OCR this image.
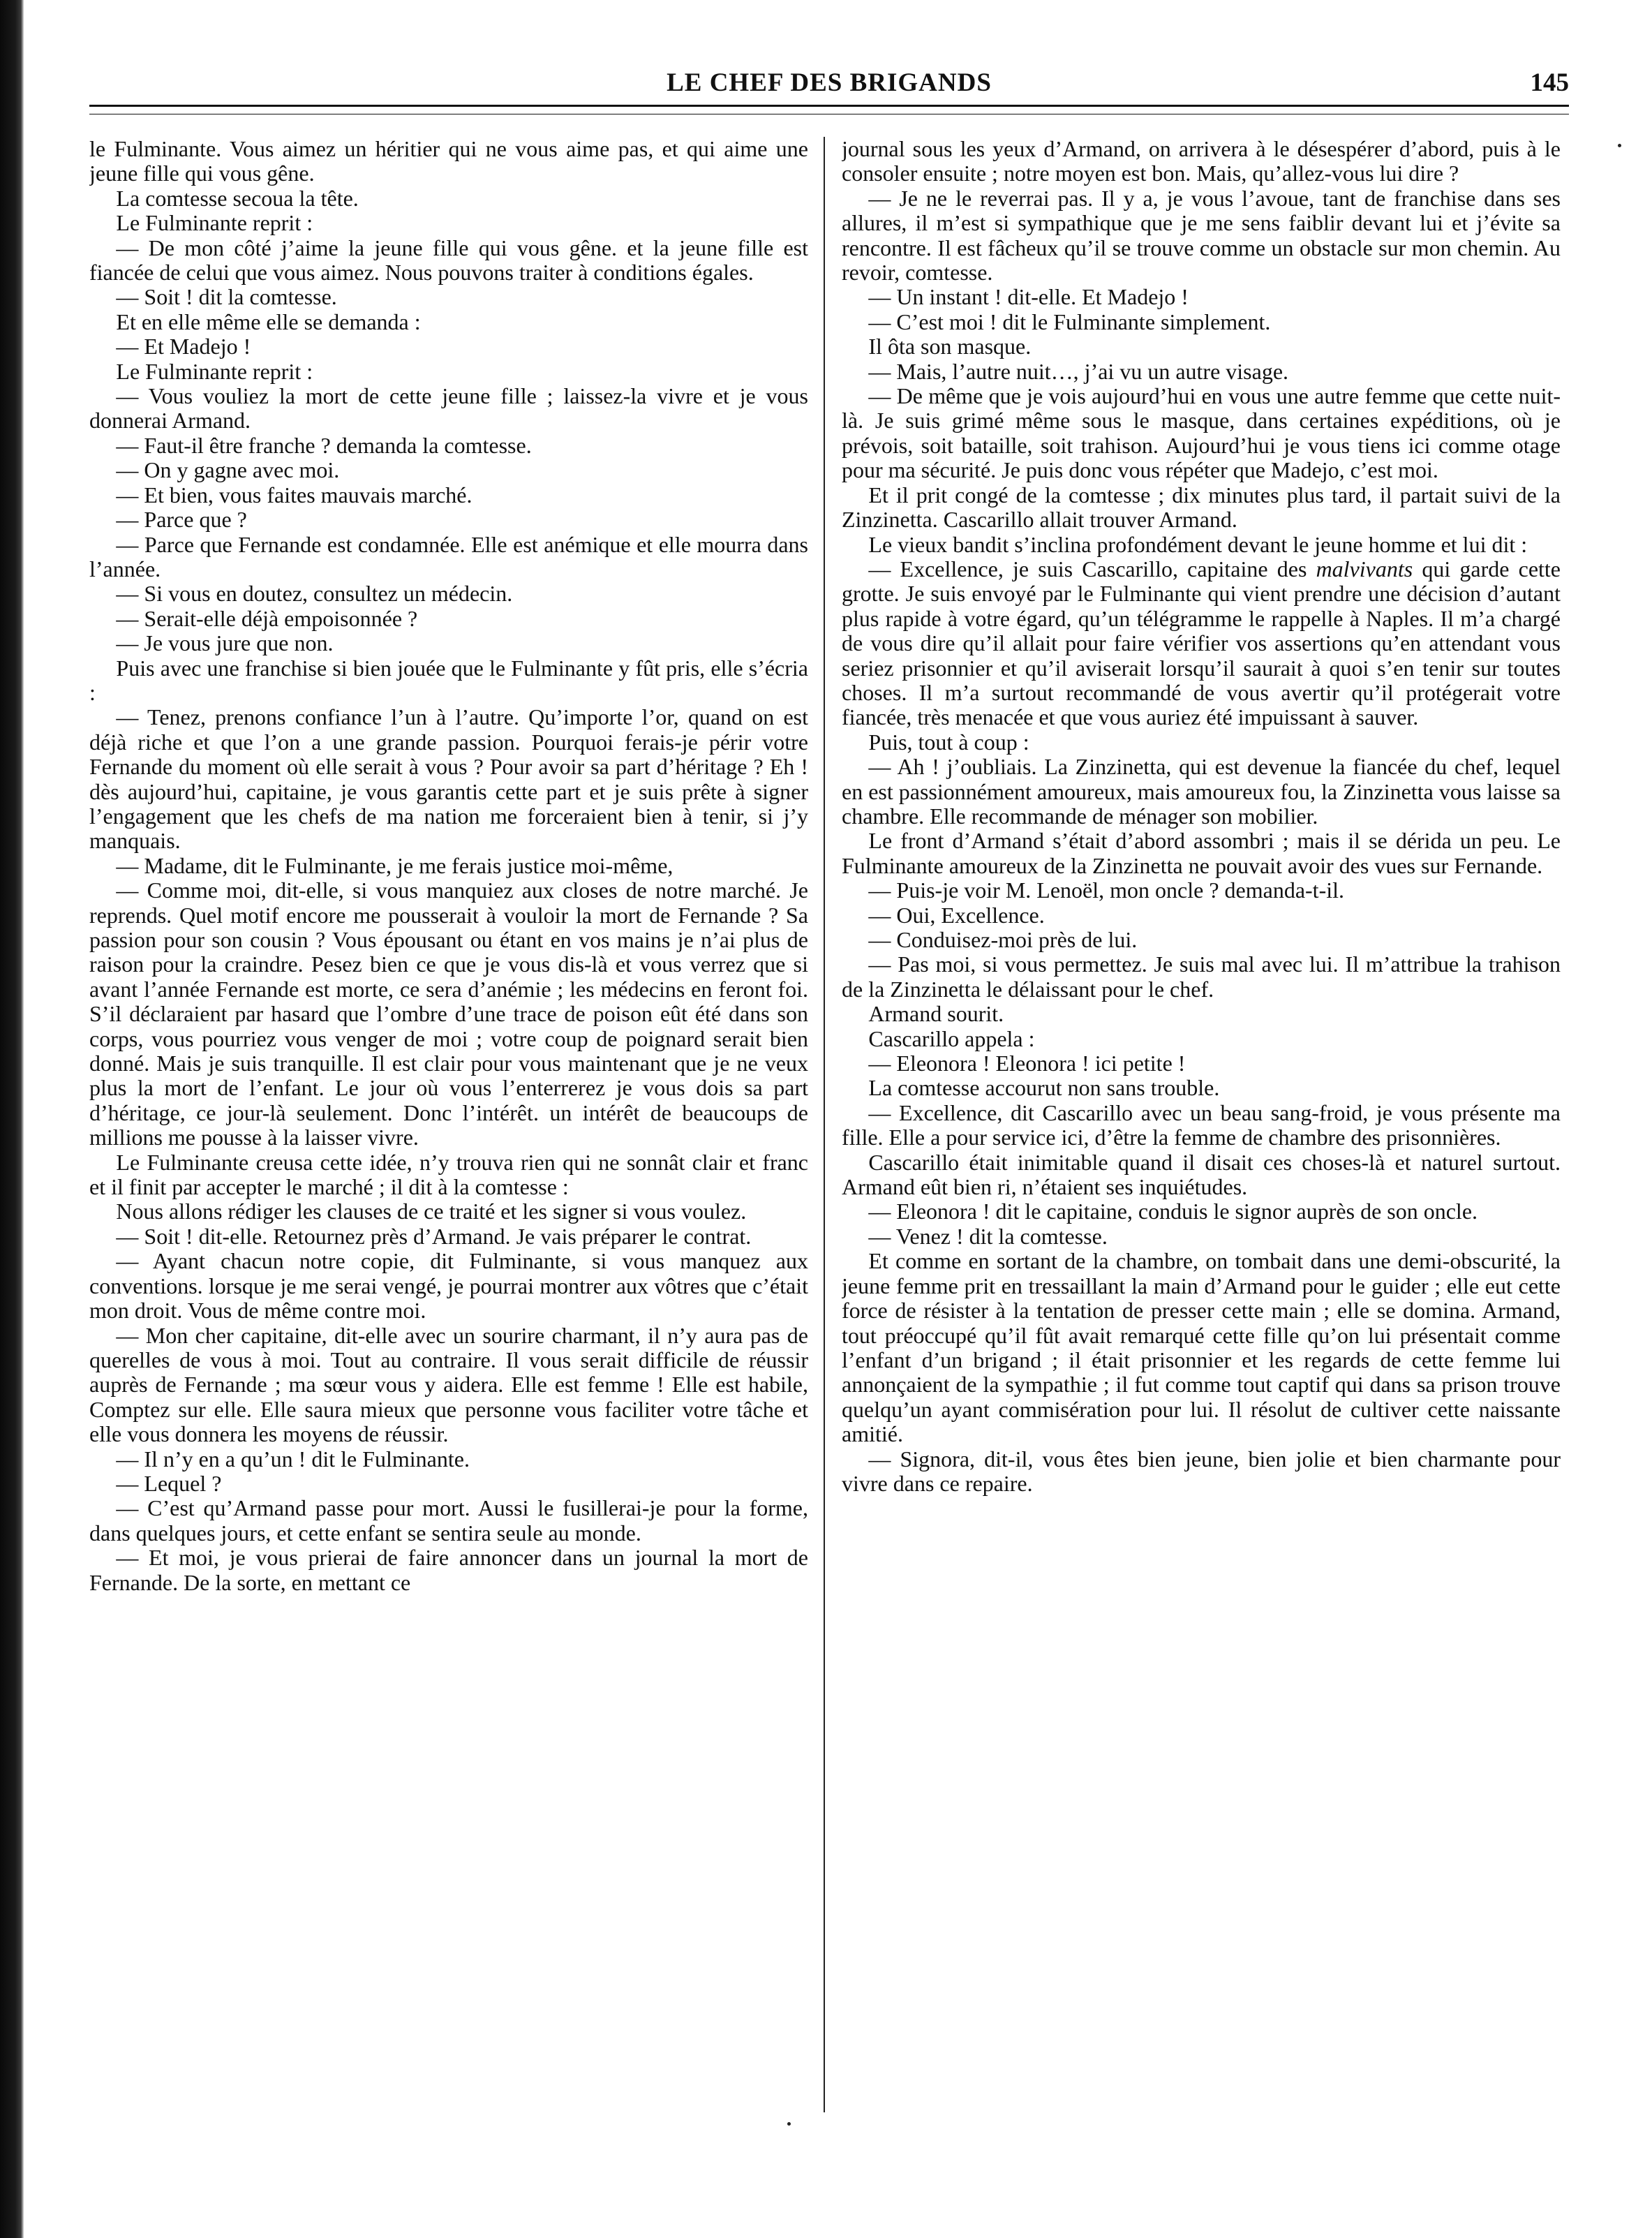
LE CHEF DES BRIGANDS	145

le Fulminante. Vous aimez un héritier qui ne vous aime pas, et qui aime une jeune fille qui vous gêne.

La comtesse secoua la tête.

Le Fulminante reprit :

— De mon côté j’aime la jeune fille qui vous gêne. et la jeune fille est fiancée de celui que vous aimez. Nous pouvons traiter à conditions égales.

— Soit ! dit la comtesse.

Et en elle même elle se demanda :

— Et Madejo !

Le Fulminante reprit :

— Vous vouliez la mort de cette jeune fille ; laissez-la vivre et je vous donnerai Armand.

— Faut-il être franche ? demanda la comtesse.

— On y gagne avec moi.

— Et bien, vous faites mauvais marché.

— Parce que ?

— Parce que Fernande est condamnée. Elle est anémique et elle mourra dans l’année.

— Si vous en doutez, consultez un médecin.

— Serait-elle déjà empoisonnée ?

— Je vous jure que non.

Puis avec une franchise si bien jouée que le Fulminante y fût pris, elle s’écria :

— Tenez, prenons confiance l’un à l’autre. Qu’importe l’or, quand on est déjà riche et que l’on a une grande passion. Pourquoi ferais-je périr votre Fernande du moment où elle serait à vous ? Pour avoir sa part d’héritage ? Eh ! dès aujourd’hui, capitaine, je vous garantis cette part et je suis prête à signer l’engagement que les chefs de ma nation me forceraient bien à tenir, si j’y manquais.

— Madame, dit le Fulminante, je me ferais justice moi-même,

— Comme moi, dit-elle, si vous manquiez aux closes de notre marché. Je reprends. Quel motif encore me pousserait à vouloir la mort de Fernande ? Sa passion pour son cousin ? Vous épousant ou étant en vos mains je n’ai plus de raison pour la craindre. Pesez bien ce que je vous dis-là et vous verrez que si avant l’année Fernande est morte, ce sera d’anémie ; les médecins en feront foi. S’il déclaraient par hasard que l’ombre d’une trace de poison eût été dans son corps, vous pourriez vous venger de moi ; votre coup de poignard serait bien donné. Mais je suis tranquille. Il est clair pour vous maintenant que je ne veux plus la mort de l’enfant. Le jour où vous l’enterrerez je vous dois sa part d’héritage, ce jour-là seulement. Donc l’intérêt. un intérêt de beaucoups de millions me pousse à la laisser vivre.

Le Fulminante creusa cette idée, n’y trouva rien qui ne sonnât clair et franc et il finit par accepter le marché ; il dit à la comtesse :

Nous allons rédiger les clauses de ce traité et les signer si vous voulez.

— Soit ! dit-elle. Retournez près d’Armand. Je vais préparer le contrat.

— Ayant chacun notre copie, dit Fulminante, si vous manquez aux conventions. lorsque je me serai vengé, je pourrai montrer aux vôtres que c’était mon droit. Vous de même contre moi.

— Mon cher capitaine, dit-elle avec un sourire charmant, il n’y aura pas de querelles de vous à moi. Tout au contraire. Il vous serait difficile de réussir auprès de Fernande ; ma sœur vous y aidera. Elle est femme ! Elle est habile, Comptez sur elle. Elle saura mieux que personne vous faciliter votre tâche et elle vous donnera les moyens de réussir.

— Il n’y en a qu’un ! dit le Fulminante.

— Lequel ?

— C’est qu’Armand passe pour mort. Aussi le fusillerai-je pour la forme, dans quelques jours, et cette enfant se sentira seule au monde.

— Et moi, je vous prierai de faire annoncer dans un journal la mort de Fernande. De la sorte, en mettant ce

journal sous les yeux d’Armand, on arrivera à le désespérer d’abord, puis à le consoler ensuite ; notre moyen est bon. Mais, qu’allez-vous lui dire ?

— Je ne le reverrai pas. Il y a, je vous l’avoue, tant de franchise dans ses allures, il m’est si sympathique que je me sens faiblir devant lui et j’évite sa rencontre. Il est fâcheux qu’il se trouve comme un obstacle sur mon chemin. Au revoir, comtesse.

— Un instant ! dit-elle. Et Madejo !

— C’est moi ! dit le Fulminante simplement.

Il ôta son masque.

— Mais, l’autre nuit…, j’ai vu un autre visage.

— De même que je vois aujourd’hui en vous une autre femme que cette nuit-là. Je suis grimé même sous le masque, dans certaines expéditions, où je prévois, soit bataille, soit trahison. Aujourd’hui je vous tiens ici comme otage pour ma sécurité. Je puis donc vous répéter que Madejo, c’est moi.

Et il prit congé de la comtesse ; dix minutes plus tard, il partait suivi de la Zinzinetta. Cascarillo allait trouver Armand.

Le vieux bandit s’inclina profondément devant le jeune homme et lui dit :

— Excellence, je suis Cascarillo, capitaine des malvivants qui garde cette grotte. Je suis envoyé par le Fulminante qui vient prendre une décision d’autant plus rapide à votre égard, qu’un télégramme le rappelle à Naples. Il m’a chargé de vous dire qu’il allait pour faire vérifier vos assertions qu’en attendant vous seriez prisonnier et qu’il aviserait lorsqu’il saurait à quoi s’en tenir sur toutes choses. Il m’a surtout recommandé de vous avertir qu’il protégerait votre fiancée, très menacée et que vous auriez été impuissant à sauver.

Puis, tout à coup :

— Ah ! j’oubliais. La Zinzinetta, qui est devenue la fiancée du chef, lequel en est passionnément amoureux, mais amoureux fou, la Zinzinetta vous laisse sa chambre. Elle recommande de ménager son mobilier.

Le front d’Armand s’était d’abord assombri ; mais il se dérida un peu. Le Fulminante amoureux de la Zinzinetta ne pouvait avoir des vues sur Fernande.

— Puis-je voir M. Lenoël, mon oncle ? demanda-t-il.

— Oui, Excellence.

— Conduisez-moi près de lui.

— Pas moi, si vous permettez. Je suis mal avec lui. Il m’attribue la trahison de la Zinzinetta le délaissant pour le chef.

Armand sourit.

Cascarillo appela :

— Eleonora ! Eleonora ! ici petite !

La comtesse accourut non sans trouble.

— Excellence, dit Cascarillo avec un beau sang-froid, je vous présente ma fille. Elle a pour service ici, d’être la femme de chambre des prisonnières.

Cascarillo était inimitable quand il disait ces choses-là et naturel surtout. Armand eût bien ri, n’étaient ses inquiétudes.

— Eleonora ! dit le capitaine, conduis le signor auprès de son oncle.

— Venez ! dit la comtesse.

Et comme en sortant de la chambre, on tombait dans une demi-obscurité, la jeune femme prit en tressaillant la main d’Armand pour le guider ; elle eut cette force de résister à la tentation de presser cette main ; elle se domina. Armand, tout préoccupé qu’il fût avait remarqué cette fille qu’on lui présentait comme l’enfant d’un brigand ; il était prisonnier et les regards de cette femme lui annonçaient de la sympathie ; il fut comme tout captif qui dans sa prison trouve quelqu’un ayant commisération pour lui. Il résolut de cultiver cette naissante amitié.

— Signora, dit-il, vous êtes bien jeune, bien jolie et bien charmante pour vivre dans ce repaire.
